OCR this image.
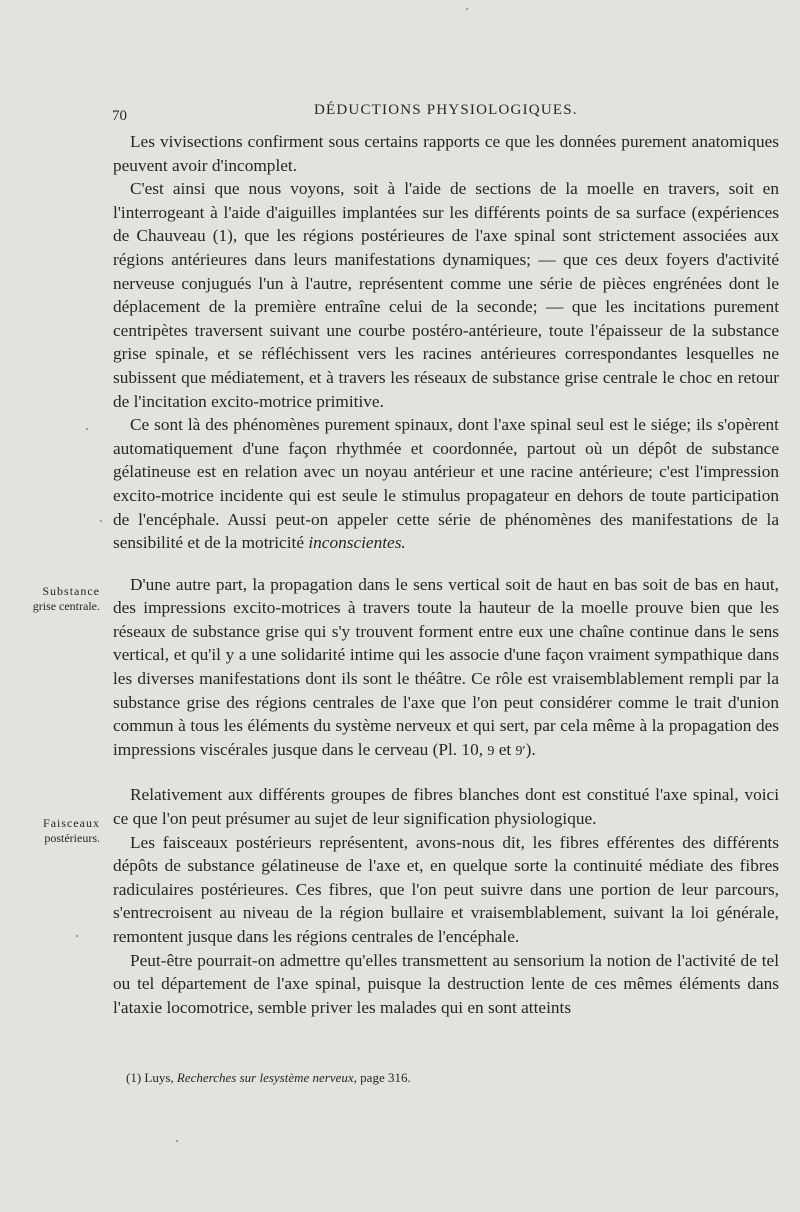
70	DÉDUCTIONS PHYSIOLOGIQUES.
Substance
grise centrale.
Faisceaux
postérieurs.

Les vivisections confirment sous certains rapports ce que les données purement anatomiques peuvent avoir d'incomplet.

C'est ainsi que nous voyons, soit à l'aide de sections de la moelle en travers, soit en l'interrogeant à l'aide d'aiguilles implantées sur les différents points de sa surface (expériences de Chauveau (1), que les régions postérieures de l'axe spinal sont strictement associées aux régions antérieures dans leurs manifestations dynamiques; — que ces deux foyers d'activité nerveuse conjugués l'un à l'autre, représentent comme une série de pièces engrénées dont le déplacement de la première entraîne celui de la seconde; — que les incitations purement centripètes traversent suivant une courbe postéro-antérieure, toute l'épaisseur de la substance grise spinale, et se réfléchissent vers les racines antérieures correspondantes lesquelles ne subissent que médiatement, et à travers les réseaux de substance grise centrale le choc en retour de l'incitation excito-motrice primitive.

Ce sont là des phénomènes purement spinaux, dont l'axe spinal seul est le siége; ils s'opèrent automatiquement d'une façon rhythmée et coordonnée, partout où un dépôt de substance gélatineuse est en relation avec un noyau antérieur et une racine antérieure; c'est l'impression excito-motrice incidente qui est seule le stimulus propagateur en dehors de toute participation de l'encéphale. Aussi peut-on appeler cette série de phénomènes des manifestations de la sensibilité et de la motricité inconscientes.

D'une autre part, la propagation dans le sens vertical soit de haut en bas soit de bas en haut, des impressions excito-motrices à travers toute la hauteur de la moelle prouve bien que les réseaux de substance grise qui s'y trouvent forment entre eux une chaîne continue dans le sens vertical, et qu'il y a une solidarité intime qui les associe d'une façon vraiment sympathique dans les diverses manifestations dont ils sont le théâtre. Ce rôle est vraisemblablement rempli par la substance grise des régions centrales de l'axe que l'on peut considérer comme le trait d'union commun à tous les éléments du système nerveux et qui sert, par cela même à la propagation des impressions viscérales jusque dans le cerveau (Pl. 10, 9 et 9′).

Relativement aux différents groupes de fibres blanches dont est constitué l'axe spinal, voici ce que l'on peut présumer au sujet de leur signification physiologique.

Les faisceaux postérieurs représentent, avons-nous dit, les fibres efférentes des différents dépôts de substance gélatineuse de l'axe et, en quelque sorte la continuité médiate des fibres radiculaires postérieures. Ces fibres, que l'on peut suivre dans une portion de leur parcours, s'entrecroisent au niveau de la région bullaire et vraisemblablement, suivant la loi générale, remontent jusque dans les régions centrales de l'encéphale.

Peut-être pourrait-on admettre qu'elles transmettent au sensorium la notion de l'activité de tel ou tel département de l'axe spinal, puisque la destruction lente de ces mêmes éléments dans l'ataxie locomotrice, semble priver les malades qui en sont atteints

(1) Luys, Recherches sur lesystème nerveux, page 316.
